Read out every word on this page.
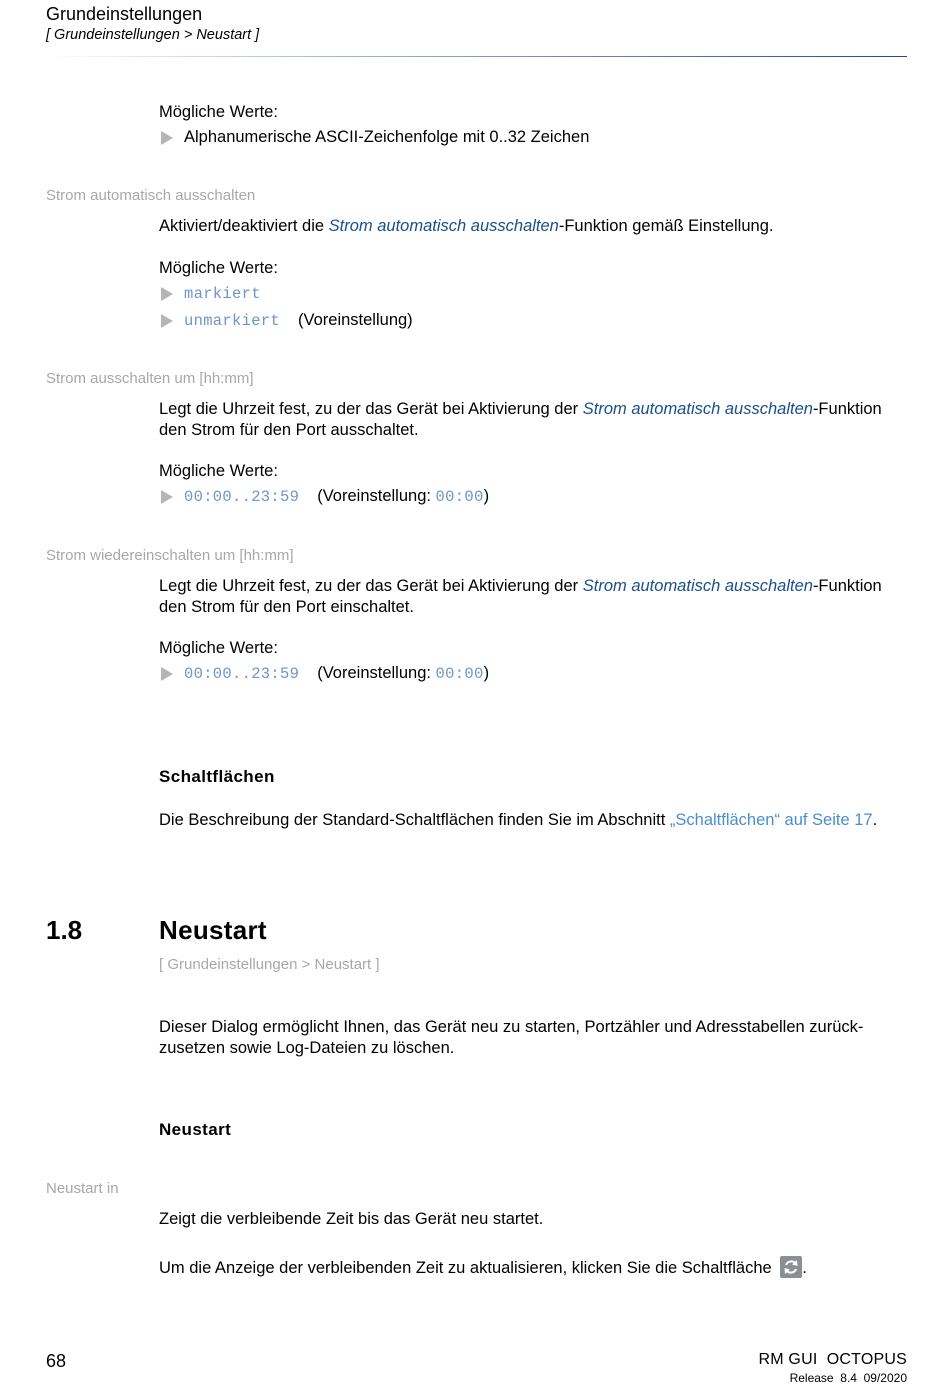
Grundeinstellungen
[ Grundeinstellungen > Neustart ]
Mögliche Werte:
Alphanumerische ASCII-Zeichenfolge mit 0..32 Zeichen
Strom automatisch ausschalten
Aktiviert/deaktiviert die Strom automatisch ausschalten-Funktion gemäß Einstellung.
Mögliche Werte:
markiert
unmarkiert (Voreinstellung)
Strom ausschalten um [hh:mm]
Legt die Uhrzeit fest, zu der das Gerät bei Aktivierung der Strom automatisch ausschalten-Funktion
den Strom für den Port ausschaltet.
Mögliche Werte:
00:00..23:59 (Voreinstellung: 00:00)
Strom wiedereinschalten um [hh:mm]
Legt die Uhrzeit fest, zu der das Gerät bei Aktivierung der Strom automatisch ausschalten-Funktion
den Strom für den Port einschaltet.
Mögliche Werte:
00:00..23:59 (Voreinstellung: 00:00)
Schaltflächen
Die Beschreibung der Standard-Schaltflächen finden Sie im Abschnitt „Schaltflächen“ auf Seite 17.
1.8	Neustart
[ Grundeinstellungen > Neustart ]
Dieser Dialog ermöglicht Ihnen, das Gerät neu zu starten, Portzähler und Adresstabellen zurück-
zusetzen sowie Log-Dateien zu löschen.
Neustart
Neustart in
Zeigt die verbleibende Zeit bis das Gerät neu startet.
Um die Anzeige der verbleibenden Zeit zu aktualisieren, klicken Sie die Schaltfläche .
68	RM GUI  OCTOPUS
Release  8.4  09/2020
